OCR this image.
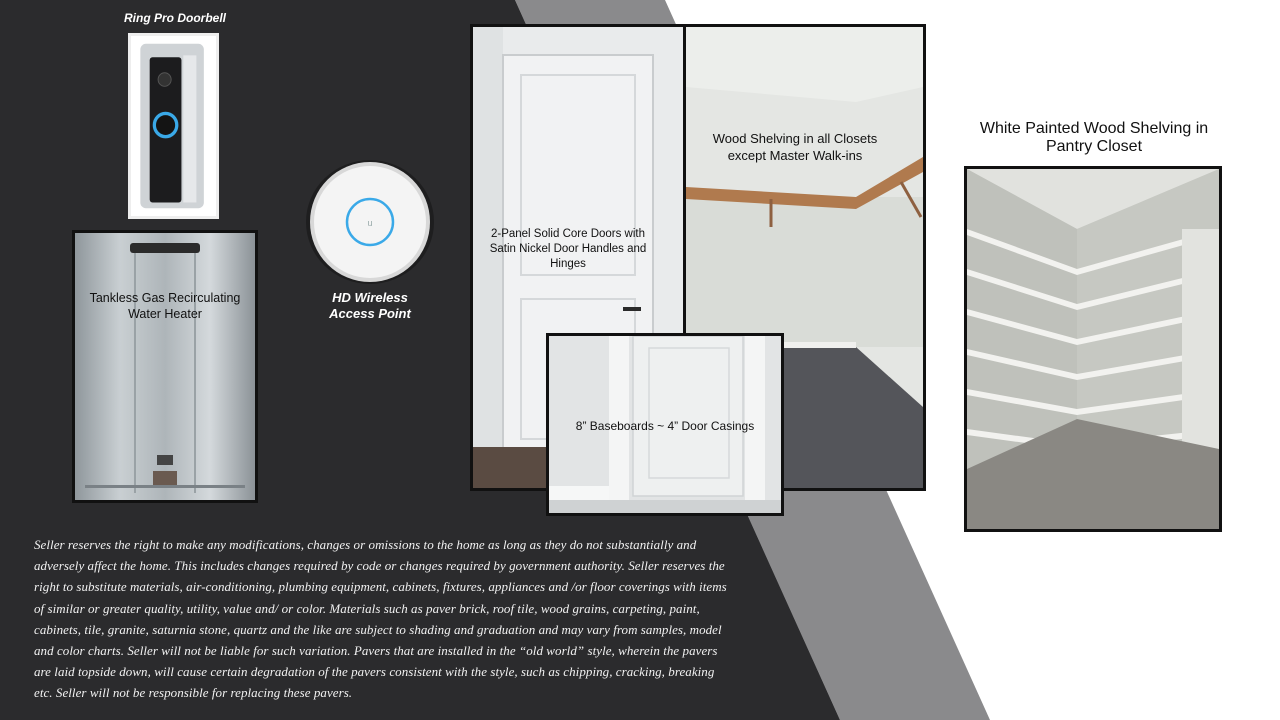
Ring Pro Doorbell
u
HD Wireless Access Point
Tankless Gas Recirculating Water Heater
2-Panel Solid Core Doors with Satin Nickel Door Handles and Hinges
Wood Shelving in all Closets except Master Walk-ins
8” Baseboards ~ 4” Door Casings
White Painted Wood Shelving in Pantry Closet
Seller reserves the right to make any modifications, changes or omissions to the home as long as they do not substantially and adversely affect the home. This includes changes required by code or changes required by government authority. Seller reserves the right to substitute materials, air-conditioning, plumbing equipment, cabinets, fixtures, appliances and /or floor coverings with items of similar or greater quality, utility, value and/ or color. Materials such as paver brick, roof tile, wood grains, carpeting, paint, cabinets, tile, granite, saturnia stone, quartz and the like are subject to shading and graduation and may vary from samples, model and color charts. Seller will not be liable for such variation. Pavers that are installed in the “old world” style, wherein the pavers are laid topside down, will cause certain degradation of the pavers consistent with the style, such as chipping, cracking, breaking etc. Seller will not be responsible for replacing these pavers.
